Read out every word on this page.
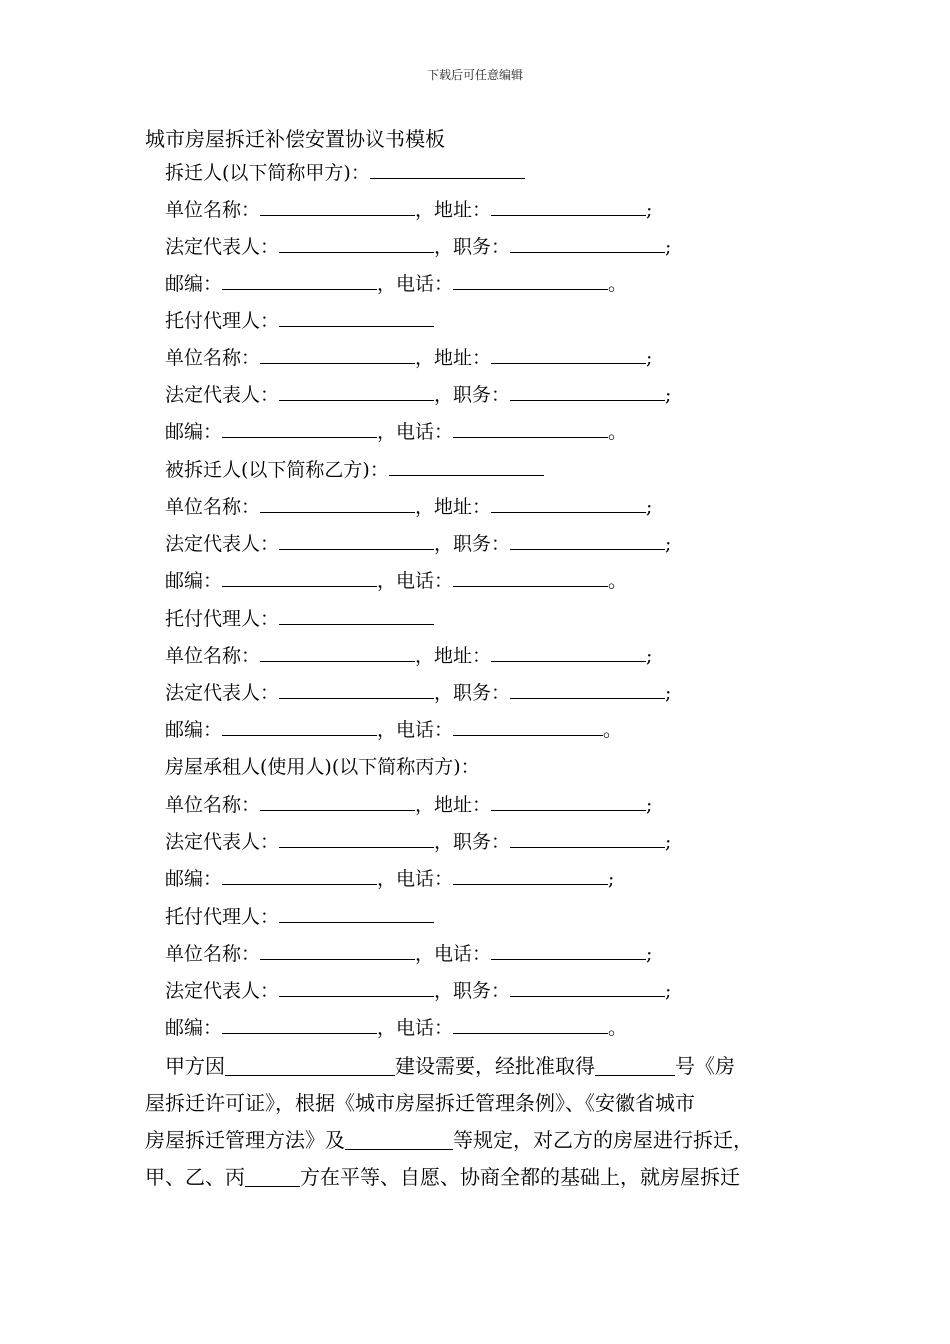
下载后可任意编辑
城市房屋拆迁补偿安置协议书模板
拆迁人(以下简称甲方)：
单位名称：	，地址：	;
法定代表人：	，职务：	;
邮编：	，电话：	。
托付代理人：
单位名称：	，地址：	;
法定代表人：	，职务：	;
邮编：	，电话：	。
被拆迁人(以下简称乙方)：
单位名称：	，地址：	;
法定代表人：	，职务：	;
邮编：	，电话：	。
托付代理人：
单位名称：	，地址：	;
法定代表人：	，职务：	;
邮编：	，电话：	。
房屋承租人(使用人)(以下简称丙方)：
单位名称：	，地址：	;
法定代表人：	，职务：	;
邮编：	，电话：	;
托付代理人：
单位名称：	，电话：	;
法定代表人：	，职务：	;
邮编：	，电话：	。
甲方因	建设需要，经批准取得	号《房
屋拆迁许可证》，根据《城市房屋拆迁管理条例》、《安徽省城市
房屋拆迁管理方法》及	等规定，对乙方的房屋进行拆迁，
甲、乙、丙	方在平等、自愿、协商全都的基础上，就房屋拆迁
